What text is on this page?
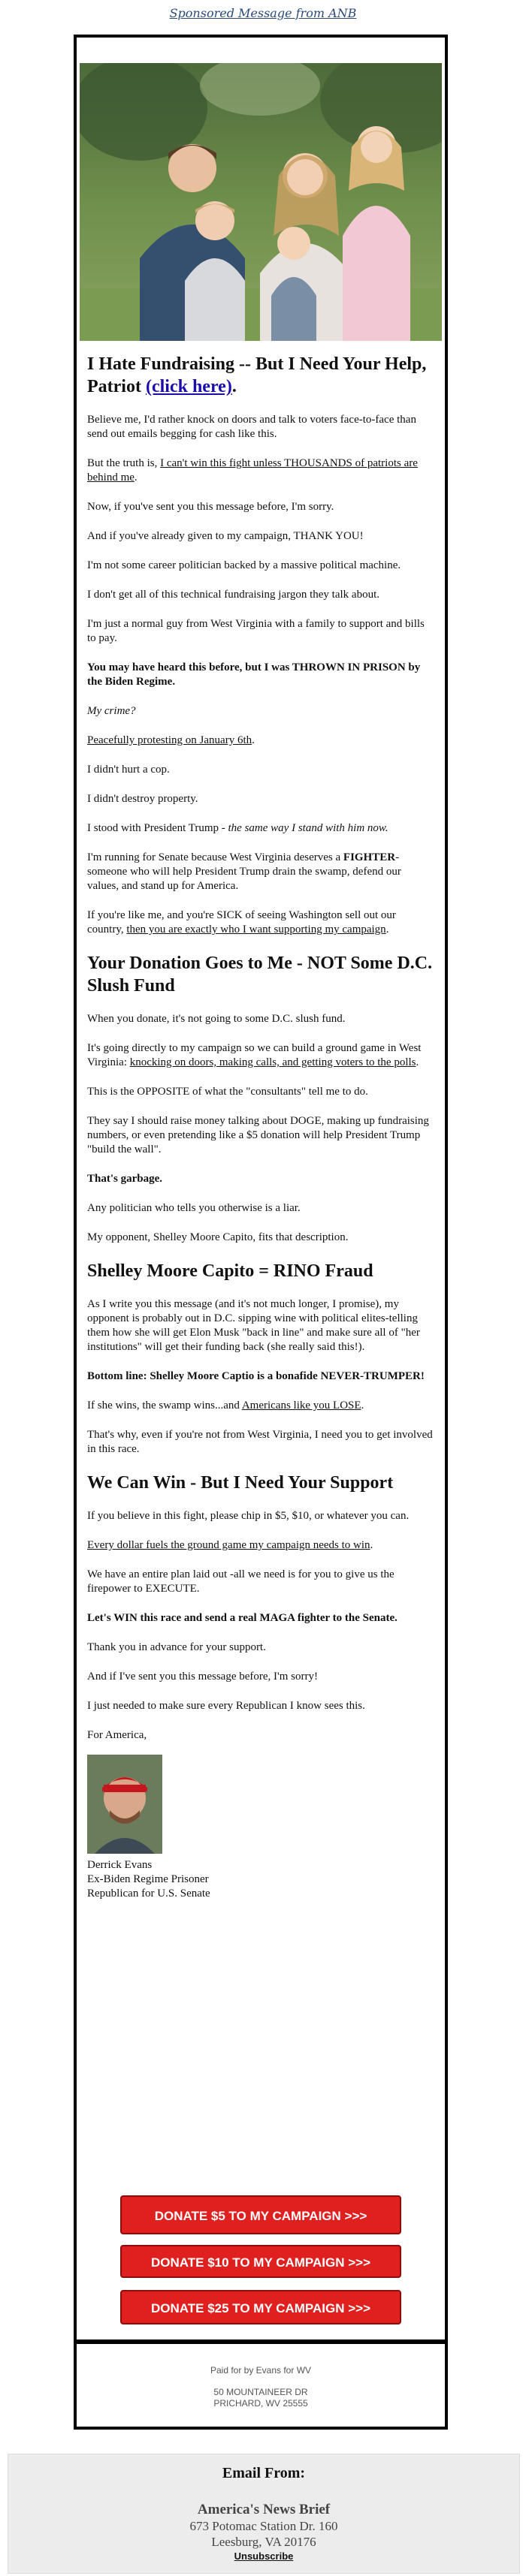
Sponsored Message from ANB
I Hate Fundraising -- But I Need Your Help, Patriot (click here).

Believe me, I'd rather knock on doors and talk to voters face-to-face than send out emails begging for cash like this.

But the truth is, I can't win this fight unless THOUSANDS of patriots are behind me.

Now, if you've sent you this message before, I'm sorry.

And if you've already given to my campaign, THANK YOU!

I'm not some career politician backed by a massive political machine.

I don't get all of this technical fundraising jargon they talk about.

I'm just a normal guy from West Virginia with a family to support and bills to pay.

You may have heard this before, but I was THROWN IN PRISON by the Biden Regime.

My crime?

Peacefully protesting on January 6th.

I didn't hurt a cop.

I didn't destroy property.

I stood with President Trump - the same way I stand with him now.

I'm running for Senate because West Virginia deserves a FIGHTER- someone who will help President Trump drain the swamp, defend our values, and stand up for America.

If you're like me, and you're SICK of seeing Washington sell out our country, then you are exactly who I want supporting my campaign.

Your Donation Goes to Me - NOT Some D.C. Slush Fund

When you donate, it's not going to some D.C. slush fund.

It's going directly to my campaign so we can build a ground game in West Virginia: knocking on doors, making calls, and getting voters to the polls.

This is the OPPOSITE of what the "consultants" tell me to do.

They say I should raise money talking about DOGE, making up fundraising numbers, or even pretending like a $5 donation will help President Trump "build the wall".

That's garbage.

Any politician who tells you otherwise is a liar.

My opponent, Shelley Moore Capito, fits that description.

Shelley Moore Capito = RINO Fraud

As I write you this message (and it's not much longer, I promise), my opponent is probably out in D.C. sipping wine with political elites-telling them how she will get Elon Musk "back in line" and make sure all of "her institutions" will get their funding back (she really said this!).

Bottom line: Shelley Moore Captio is a bonafide NEVER-TRUMPER!

If she wins, the swamp wins...and Americans like you LOSE.

That's why, even if you're not from West Virginia, I need you to get involved in this race.

We Can Win - But I Need Your Support

If you believe in this fight, please chip in $5, $10, or whatever you can.

Every dollar fuels the ground game my campaign needs to win.

We have an entire plan laid out -all we need is for you to give us the firepower to EXECUTE.

Let's WIN this race and send a real MAGA fighter to the Senate.

Thank you in advance for your support.

And if I've sent you this message before, I'm sorry!

I just needed to make sure every Republican I know sees this.

For America,

Derrick Evans
Ex-Biden Regime Prisoner
Republican for U.S. Senate
DONATE $5 TO MY CAMPAIGN >>>
DONATE $10 TO MY CAMPAIGN >>>
DONATE $25 TO MY CAMPAIGN >>>
Paid for by Evans for WV
50 MOUNTAINEER DR
PRICHARD, WV 25555
Email From:
America's News Brief
673 Potomac Station Dr. 160
Leesburg, VA 20176
Unsubscribe
